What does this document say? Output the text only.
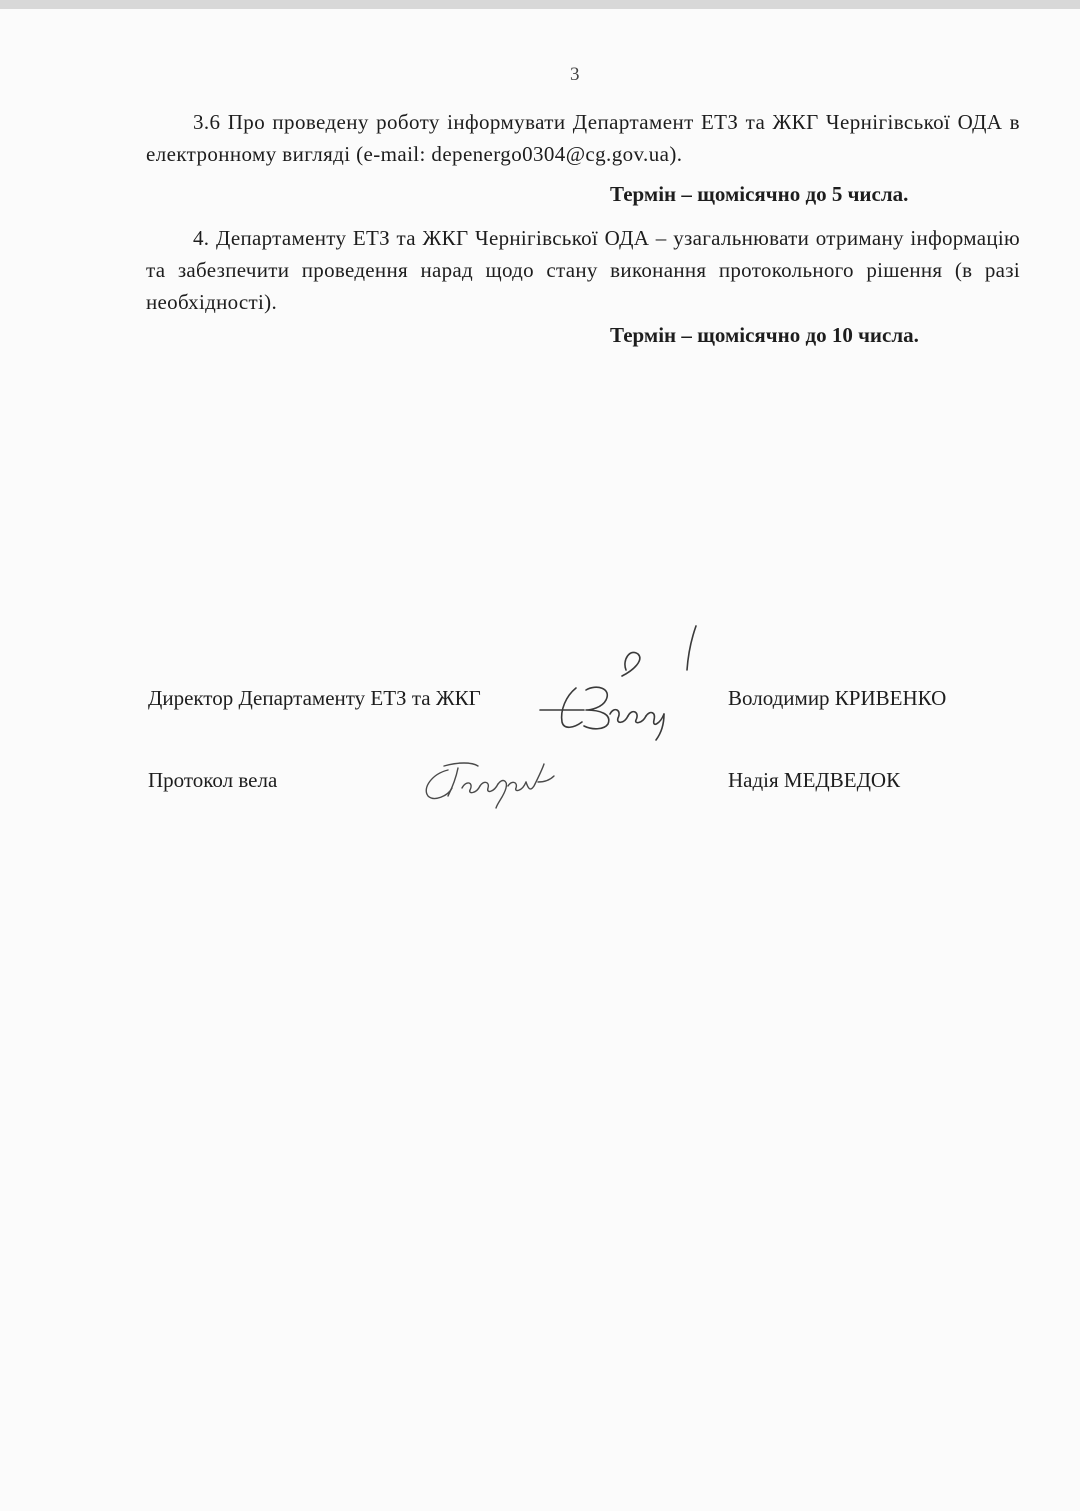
3

3.6 Про проведену роботу інформувати Департамент ЕТЗ та ЖКГ Чернігівської ОДА в електронному вигляді (e-mail: depenergo0304@cg.gov.ua).

Термін – щомісячно до 5 числа.

4. Департаменту ЕТЗ та ЖКГ Чернігівської ОДА – узагальнювати отриману інформацію та забезпечити проведення нарад щодо стану виконання протокольного рішення (в разі необхідності).

Термін – щомісячно до 10 числа.
Директор Департаменту ЕТЗ та ЖКГ	Володимир КРИВЕНКО
Протокол вела	Надія МЕДВЕДОК
